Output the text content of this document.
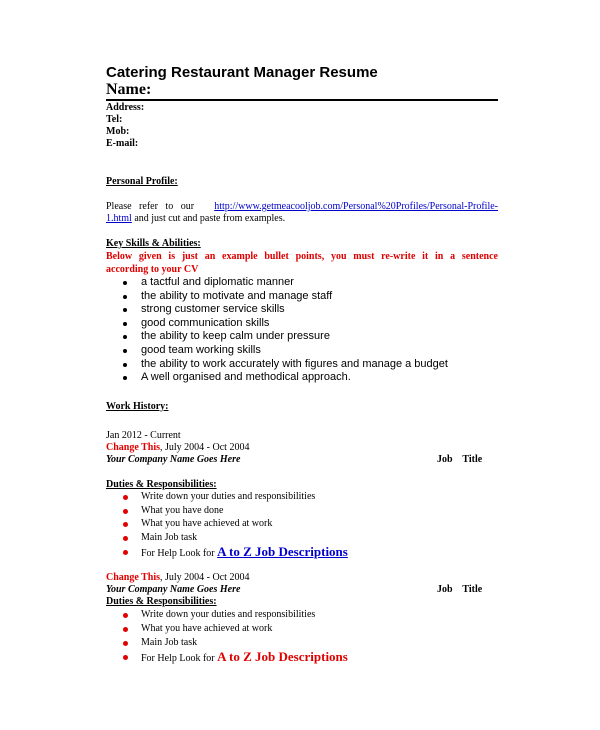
Catering Restaurant Manager Resume
Name:
Address:
Tel:
Mob:
E-mail:
Personal Profile:
Please refer to our http://www.getmeacooljob.com/Personal%20Profiles/Personal-Profile-
1.html and just cut and paste from examples.
Key Skills & Abilities:
Below given is just an example bullet points, you must re-write it in a sentence
according to your CV
a tactful and diplomatic manner
the ability to motivate and manage staff
strong customer service skills
good communication skills
the ability to keep calm under pressure
good team working skills
the ability to work accurately with figures and manage a budget
A well organised and methodical approach.
Work History:
Jan 2012 - Current
Change This, July 2004 - Oct 2004
Your Company Name Goes Here	Job    Title
Duties & Responsibilities:
Write down your duties and responsibilities
What you have done
What you have achieved at work
Main Job task
For Help Look for A to Z Job Descriptions
Change This, July 2004 - Oct 2004
Your Company Name Goes Here	Job    Title
Duties & Responsibilities:
Write down your duties and responsibilities
What you have achieved at work
Main Job task
For Help Look for A to Z Job Descriptions
